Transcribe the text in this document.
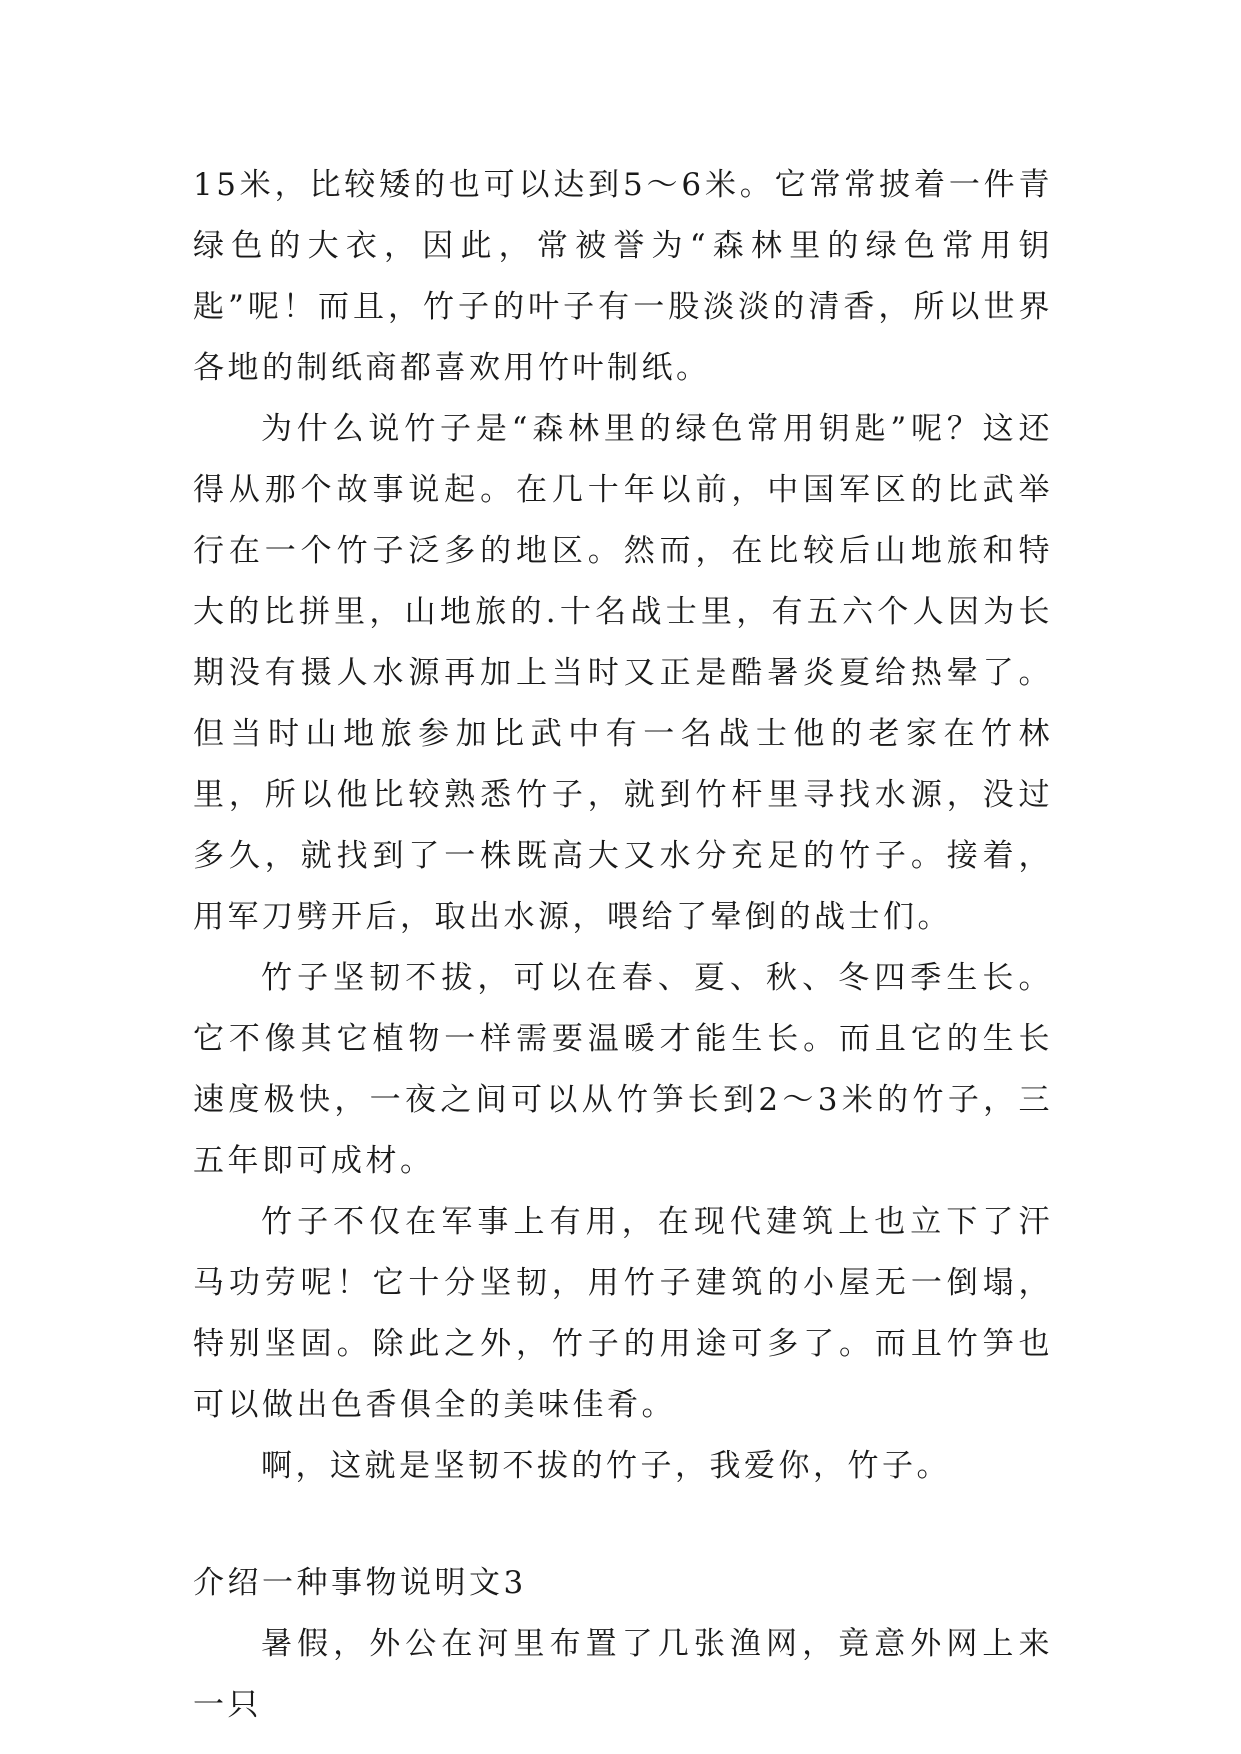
15米，比较矮的也可以达到5～6米。它常常披着一件青绿色的大衣，因此，常被誉为“森林里的绿色常用钥匙”呢！而且，竹子的叶子有一股淡淡的清香，所以世界各地的制纸商都喜欢用竹叶制纸。

为什么说竹子是“森林里的绿色常用钥匙”呢？这还得从那个故事说起。在几十年以前，中国军区的比武举行在一个竹子泛多的地区。然而，在比较后山地旅和特大的比拼里，山地旅的.十名战士里，有五六个人因为长期没有摄人水源再加上当时又正是酷暑炎夏给热晕了。但当时山地旅参加比武中有一名战士他的老家在竹林里，所以他比较熟悉竹子，就到竹杆里寻找水源，没过多久，就找到了一株既高大又水分充足的竹子。接着，用军刀劈开后，取出水源，喂给了晕倒的战士们。

竹子坚韧不拔，可以在春、夏、秋、冬四季生长。它不像其它植物一样需要温暖才能生长。而且它的生长速度极快，一夜之间可以从竹笋长到2～3米的竹子，三五年即可成材。

竹子不仅在军事上有用，在现代建筑上也立下了汗马功劳呢！它十分坚韧，用竹子建筑的小屋无一倒塌，特别坚固。除此之外，竹子的用途可多了。而且竹笋也可以做出色香俱全的美味佳肴。

啊，这就是坚韧不拔的竹子，我爱你，竹子。

介绍一种事物说明文3

暑假，外公在河里布置了几张渔网，竟意外网上来一只
